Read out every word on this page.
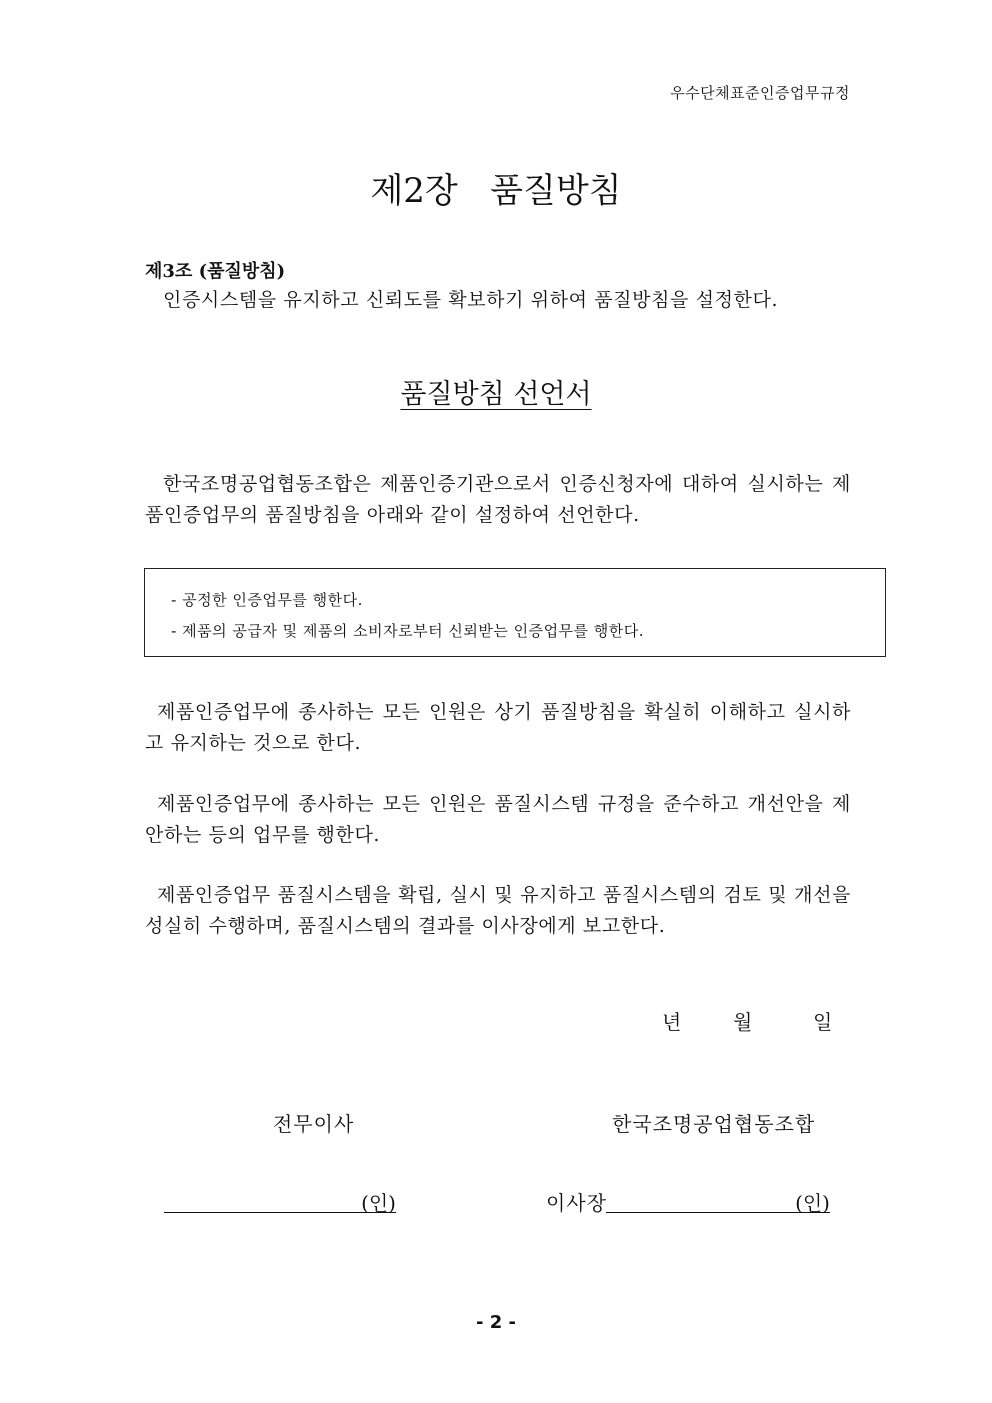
우수단체표준인증업무규정
제2장   품질방침
제3조 (품질방침)
인증시스템을 유지하고 신뢰도를 확보하기 위하여 품질방침을 설정한다.
품질방침 선언서
한국조명공업협동조합은 제품인증기관으로서 인증신청자에 대하여 실시하는 제품인증업무의 품질방침을 아래와 같이 설정하여 선언한다.
- 공정한 인증업무를 행한다.
- 제품의 공급자 및 제품의 소비자로부터 신뢰받는 인증업무를 행한다.
제품인증업무에 종사하는 모든 인원은 상기 품질방침을 확실히 이해하고 실시하고 유지하는 것으로 한다.
제품인증업무에 종사하는 모든 인원은 품질시스템 규정을 준수하고 개선안을 제안하는 등의 업무를 행한다.
제품인증업무 품질시스템을 확립, 실시 및 유지하고 품질시스템의 검토 및 개선을 성실히 수행하며, 품질시스템의 결과를 이사장에게 보고한다.
년	월	일
전무이사	한국조명공업협동조합
(인)	이사장	(인)
- 2 -
